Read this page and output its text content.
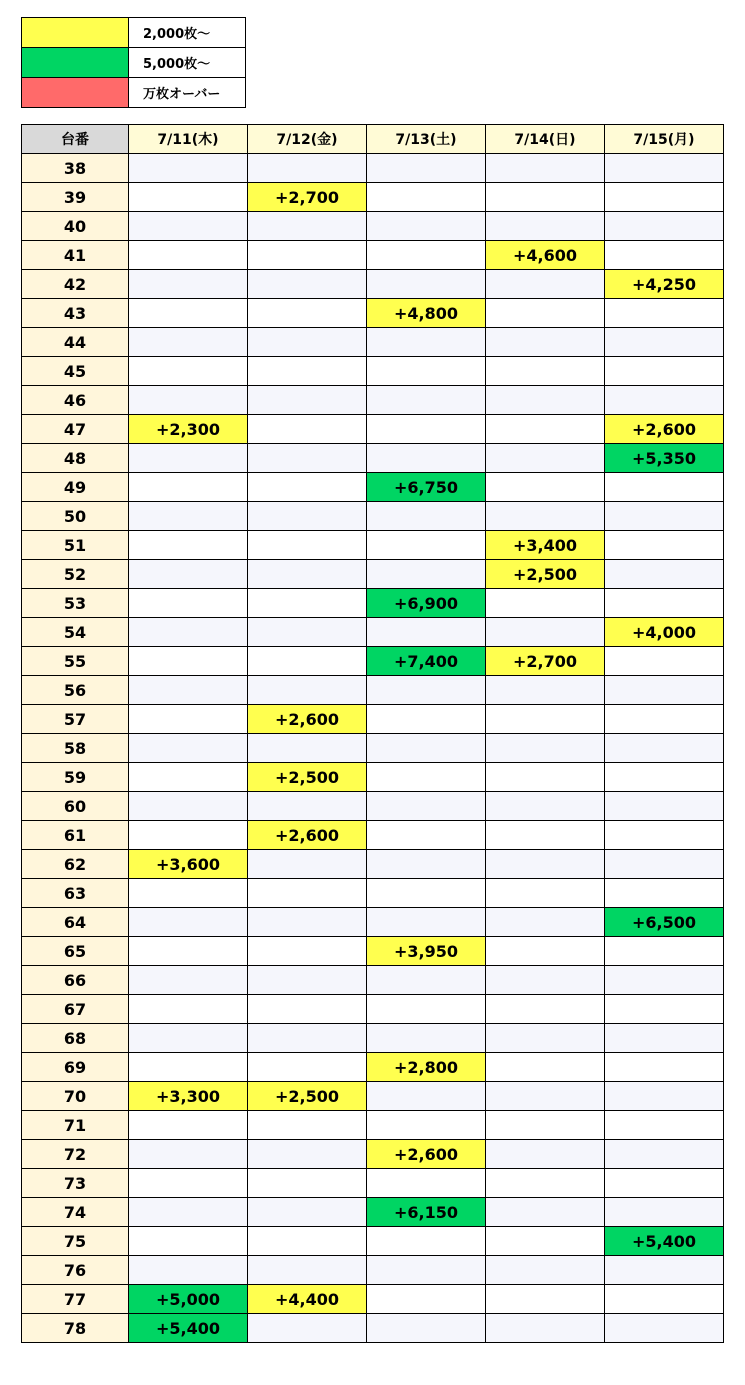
	2,000枚～
	5,000枚～
	万枚オーバー
台番	7/11(木)	7/12(金)	7/13(土)	7/14(日)	7/15(月)
38					
39		+2,700			
40					
41				+4,600	
42					+4,250
43			+4,800		
44					
45					
46					
47	+2,300				+2,600
48					+5,350
49			+6,750		
50					
51				+3,400	
52				+2,500	
53			+6,900		
54					+4,000
55			+7,400	+2,700	
56					
57		+2,600			
58					
59		+2,500			
60					
61		+2,600			
62	+3,600				
63					
64					+6,500
65			+3,950		
66					
67					
68					
69			+2,800		
70	+3,300	+2,500			
71					
72			+2,600		
73					
74			+6,150		
75					+5,400
76					
77	+5,000	+4,400			
78	+5,400				
